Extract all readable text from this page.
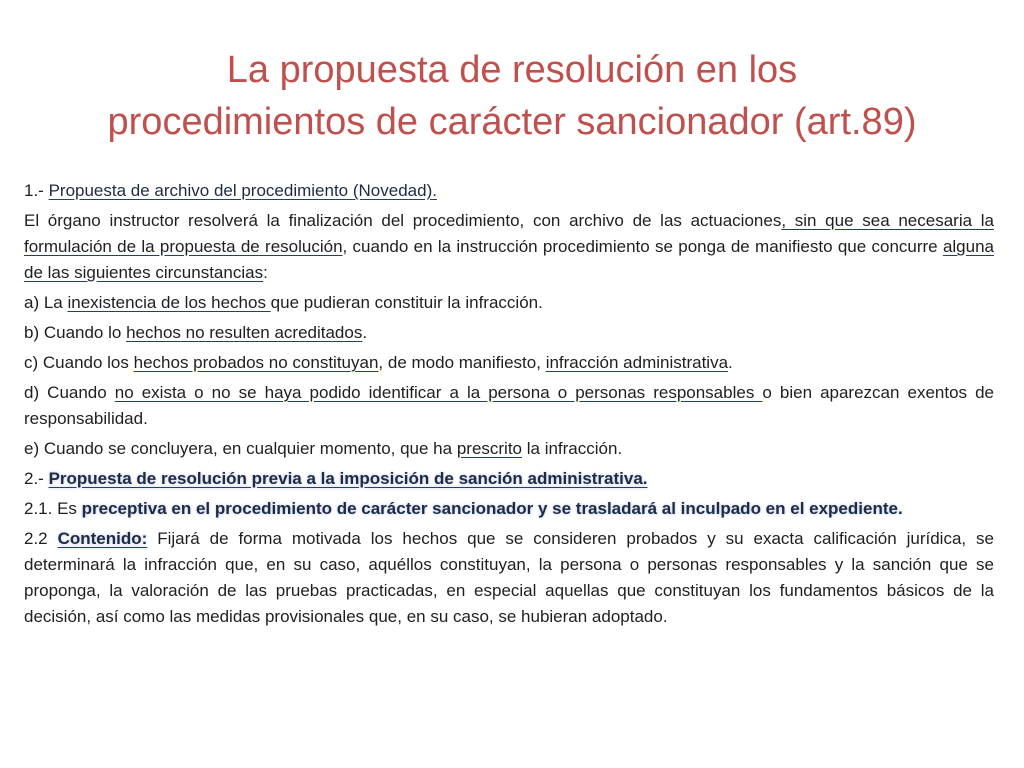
La propuesta de resolución en los
procedimientos de carácter sancionador (art.89)

1.- Propuesta de archivo del procedimiento (Novedad).

El órgano instructor resolverá la finalización del procedimiento, con archivo de las actuaciones, sin que sea necesaria la formulación de la propuesta de resolución, cuando en la instrucción procedimiento se ponga de manifiesto que concurre alguna de las siguientes circunstancias:

a) La inexistencia de los hechos que pudieran constituir la infracción.

b) Cuando lo hechos no resulten acreditados.

c) Cuando los hechos probados no constituyan, de modo manifiesto, infracción administrativa.

d) Cuando no exista o no se haya podido identificar a la persona o personas responsables o bien aparezcan exentos de responsabilidad.

e) Cuando se concluyera, en cualquier momento, que ha prescrito la infracción.

2.- Propuesta de resolución previa a la imposición de sanción administrativa.

2.1. Es preceptiva en el procedimiento de carácter sancionador y se trasladará al inculpado en el expediente.

2.2 Contenido: Fijará de forma motivada los hechos que se consideren probados y su exacta calificación jurídica, se determinará la infracción que, en su caso, aquéllos constituyan, la persona o personas responsables y la sanción que se proponga, la valoración de las pruebas practicadas, en especial aquellas que constituyan los fundamentos básicos de la decisión, así como las medidas provisionales que, en su caso, se hubieran adoptado.
